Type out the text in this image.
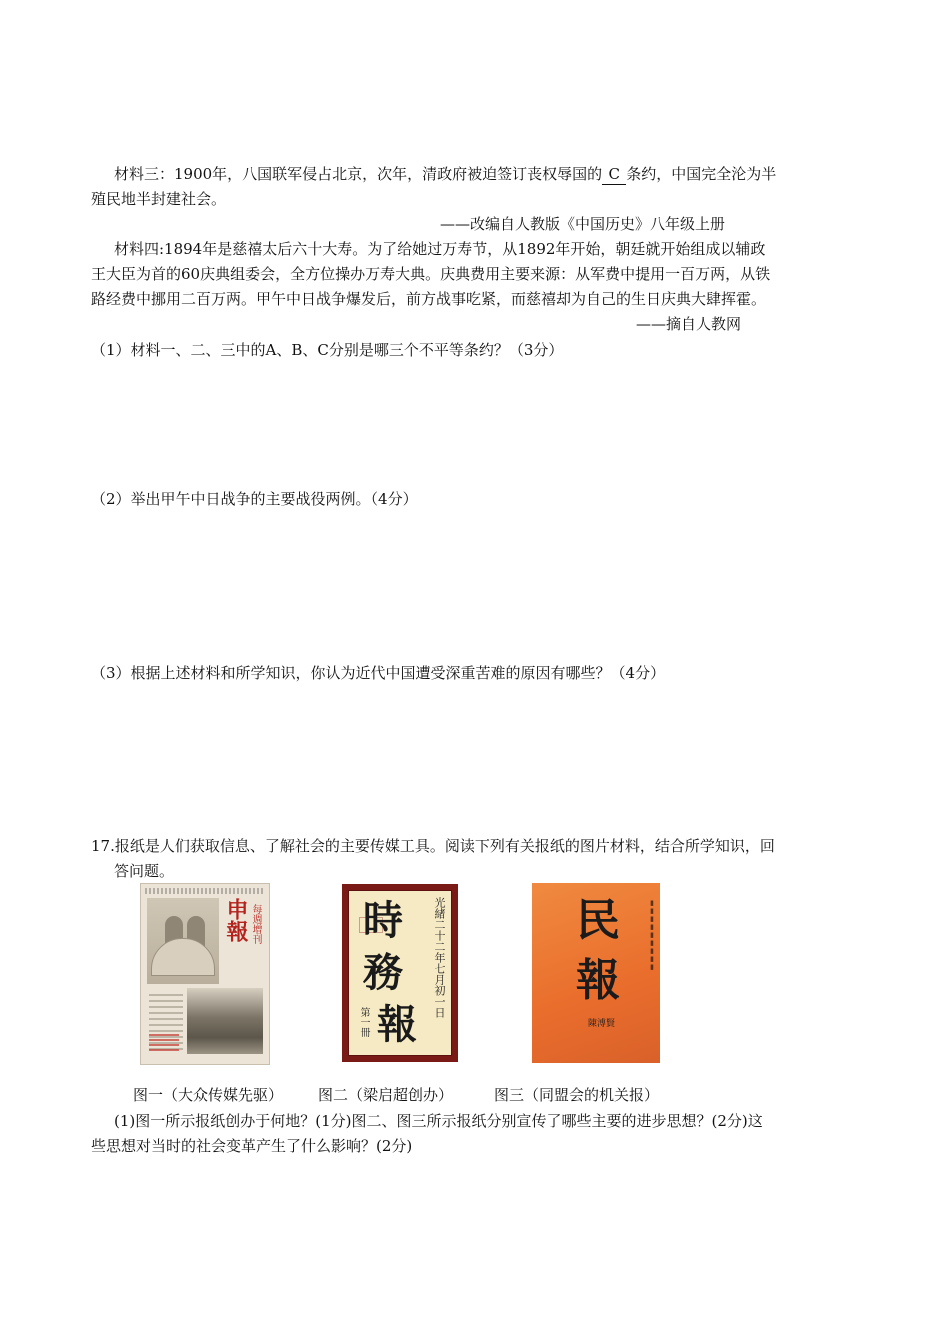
材料三：1900年，八国联军侵占北京，次年，清政府被迫签订丧权辱国的 C 条约，中国完全沦为半
殖民地半封建社会。
——改编自人教版《中国历史》八年级上册
材料四:1894年是慈禧太后六十大寿。为了给她过万寿节，从1892年开始，朝廷就开始组成以辅政
王大臣为首的60庆典组委会，全方位操办万寿大典。庆典费用主要来源：从军费中提用一百万两，从铁
路经费中挪用二百万两。甲午中日战争爆发后，前方战事吃紧，而慈禧却为自己的生日庆典大肆挥霍。
——摘自人教网
（1）材料一、二、三中的A、B、C分别是哪三个不平等条约？（3分）
（2）举出甲午中日战争的主要战役两例。（4分）
（3）根据上述材料和所学知识，你认为近代中国遭受深重苦难的原因有哪些？（4分）
17.报纸是人们获取信息、了解社会的主要传媒工具。阅读下列有关报纸的图片材料，结合所学知识，回
答问题。
申報 每週增刊	時
務
報
光緒二十二年七月初一日
第一冊
民
報
陳溥賢
▮▮▮▮▮▮▮▮▮
图一（大众传媒先驱） 图二（梁启超创办）	图三（同盟会的机关报）
(1)图一所示报纸创办于何地？(1分)图二、图三所示报纸分别宣传了哪些主要的进步思想？(2分)这
些思想对当时的社会变革产生了什么影响？(2分)
